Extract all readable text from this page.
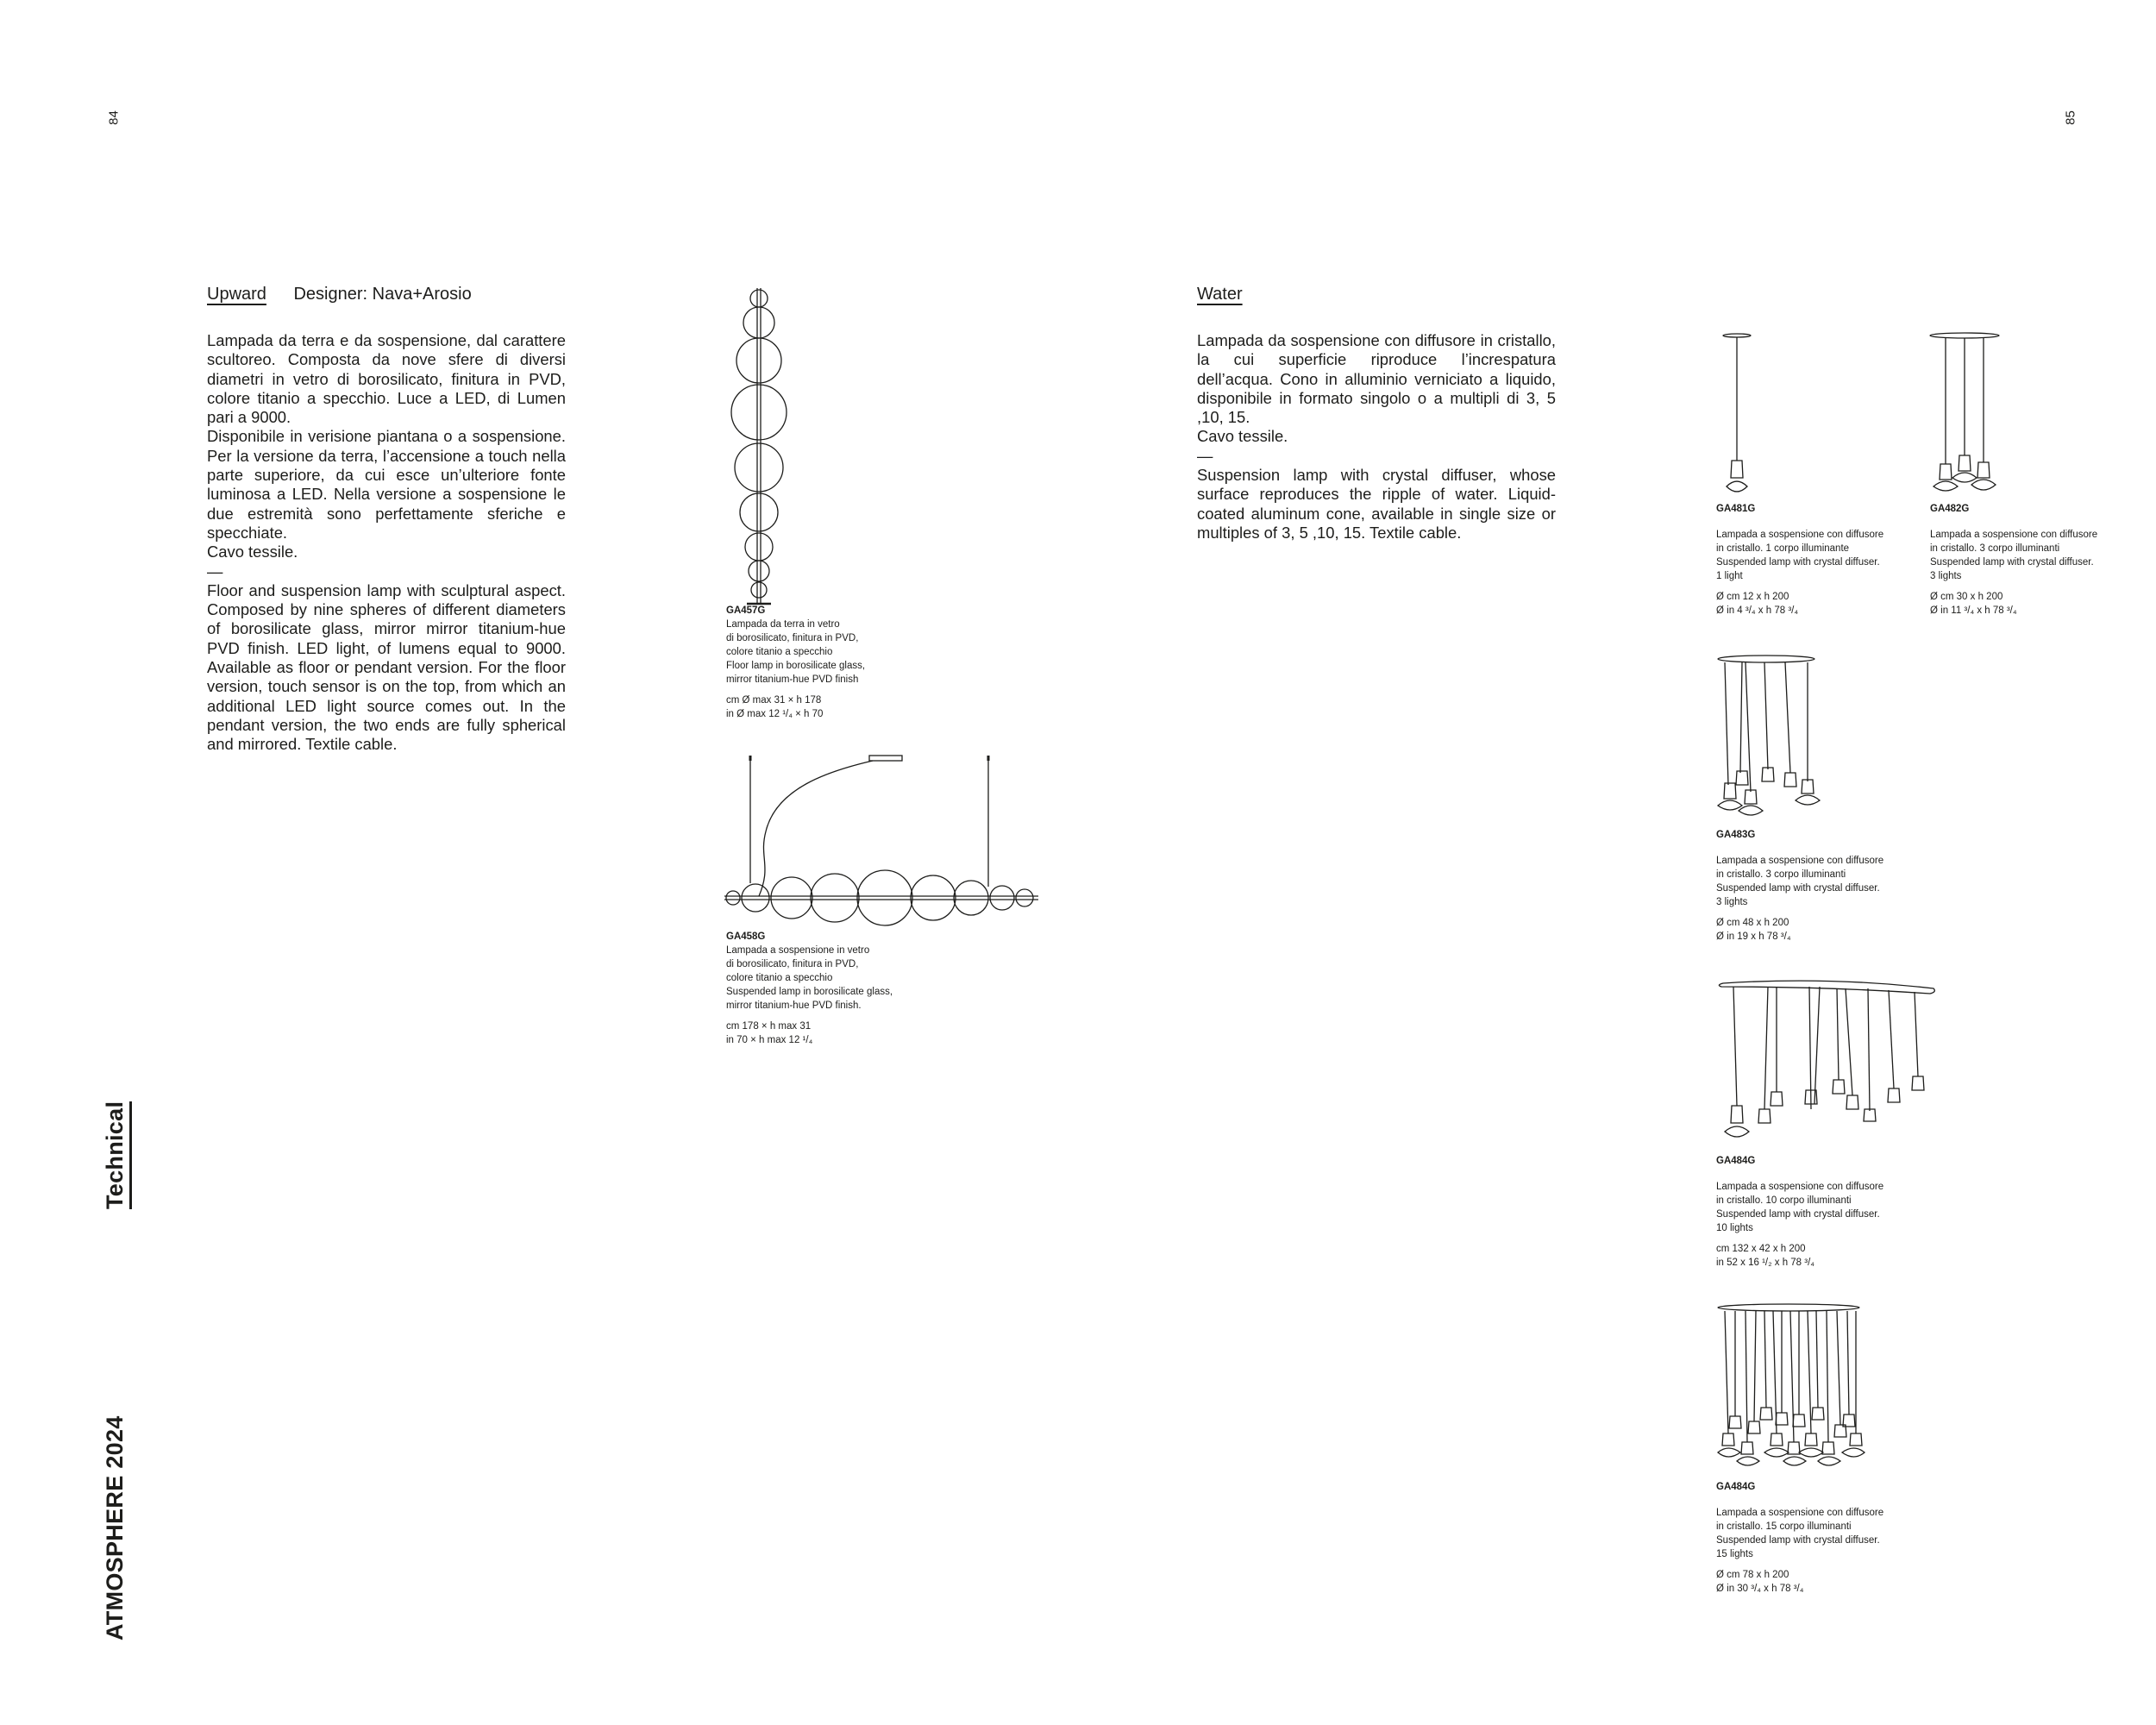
84	85
Technical
ATMOSPHERE 2024
Upward Designer: Nava+Arosio

Lampada da terra e da sospensione, dal carattere scultoreo. Composta da nove sfere di diversi diametri in vetro di borosilicato, finitura in PVD, colore titanio a specchio. Luce a LED, di Lumen pari a 9000.

Disponibile in verisione piantana o a sospensione. Per la versione da terra, l’accensione a touch nella parte superiore, da cui esce un’ulteriore fonte luminosa a LED. Nella versione a sospensione le due estremità sono perfettamente sferiche e specchiate.

Cavo tessile.

—

Floor and suspension lamp with sculptural aspect. Composed by nine spheres of different diameters of borosilicate glass, mirror mirror titanium-hue PVD finish. LED light, of lumens equal to 9000. Available as floor or pendant version. For the floor version, touch sensor is on the top, from which an additional LED light source comes out. In the pendant version, the two ends are fully spherical and mirrored. Textile cable.

GA457G
Lampada da terra in vetro
di borosilicato, finitura in PVD,
colore titanio a specchio
Floor lamp in borosilicate glass,
mirror titanium-hue PVD finish
cm Ø max 31 × h 178
in Ø max 12 ¹/₄ × h 70
GA458G
Lampada a sospensione in vetro
di borosilicato, finitura in PVD,
colore titanio a specchio
Suspended lamp in borosilicate glass,
mirror titanium-hue PVD finish.
cm 178 × h max 31
in 70 × h max 12 ¹/₄
Water

Lampada da sospensione con diffusore in cristallo, la cui superficie riproduce l’increspatura dell’acqua. Cono in alluminio verniciato a liquido, disponibile in formato singolo o a multipli di 3, 5 ,10, 15.

Cavo tessile.

—

Suspension lamp with crystal diffuser, whose surface reproduces the ripple of water. Liquid-coated aluminum cone, available in single size or multiples of 3, 5 ,10, 15. Textile cable.

GA481G
Lampada a sospensione con diffusore
in cristallo. 1 corpo illuminante
Suspended lamp with crystal diffuser.
1 light
Ø cm 12 x h 200
Ø in 4 ³/₄ x h 78 ³/₄
GA482G
Lampada a sospensione con diffusore
in cristallo. 3 corpo illuminanti
Suspended lamp with crystal diffuser.
3 lights
Ø cm 30 x h 200
Ø in 11 ³/₄ x h 78 ³/₄
GA483G
Lampada a sospensione con diffusore
in cristallo. 3 corpo illuminanti
Suspended lamp with crystal diffuser.
3 lights
Ø cm 48 x h 200
Ø in 19 x h 78 ³/₄
GA484G
Lampada a sospensione con diffusore
in cristallo. 10 corpo illuminanti
Suspended lamp with crystal diffuser.
10 lights
cm 132 x 42 x h 200
in 52 x 16 ¹/₂ x h 78 ³/₄
GA484G
Lampada a sospensione con diffusore
in cristallo. 15 corpo illuminanti
Suspended lamp with crystal diffuser.
15 lights
Ø cm 78 x h 200
Ø in 30 ³/₄ x h 78 ³/₄
